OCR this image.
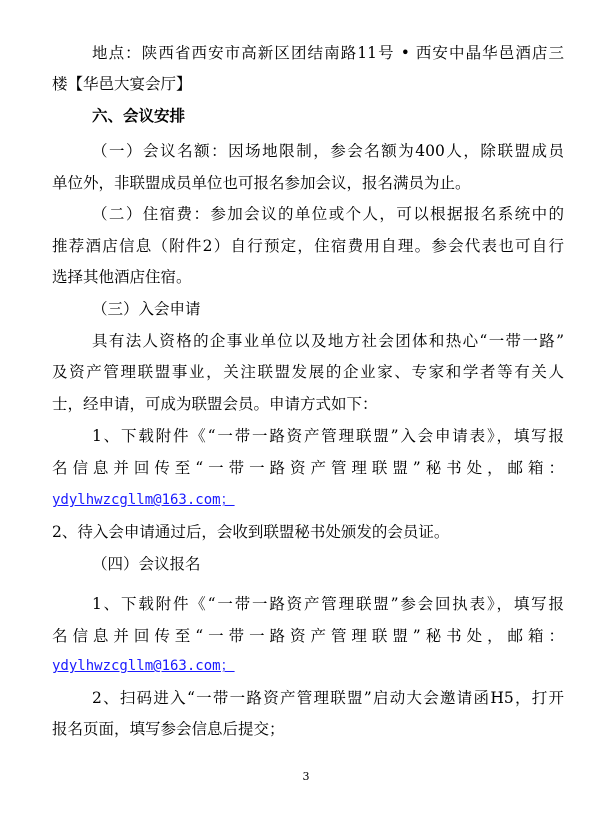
地点：陕西省西安市高新区团结南路11号 • 西安中晶华邑酒店三
楼【华邑大宴会厅】
六、会议安排
（一）会议名额：因场地限制，参会名额为400人，除联盟成员
单位外，非联盟成员单位也可报名参加会议，报名满员为止。
（二）住宿费：参加会议的单位或个人，可以根据报名系统中的
推荐酒店信息（附件2）自行预定，住宿费用自理。参会代表也可自行
选择其他酒店住宿。
（三）入会申请
具有法人资格的企事业单位以及地方社会团体和热心“一带一路”
及资产管理联盟事业，关注联盟发展的企业家、专家和学者等有关人
士，经申请，可成为联盟会员。申请方式如下：
1、下载附件《“一带一路资产管理联盟”入会申请表》，填写报
名信息并回传至“一带一路资产管理联盟”秘书处，邮箱：
ydylhwzcgllm@163.com；
2、待入会申请通过后，会收到联盟秘书处颁发的会员证。
（四）会议报名
1、下载附件《“一带一路资产管理联盟”参会回执表》，填写报
名信息并回传至“一带一路资产管理联盟”秘书处，邮箱：
ydylhwzcgllm@163.com；
2、扫码进入“一带一路资产管理联盟”启动大会邀请函H5，打开
报名页面，填写参会信息后提交；
3
